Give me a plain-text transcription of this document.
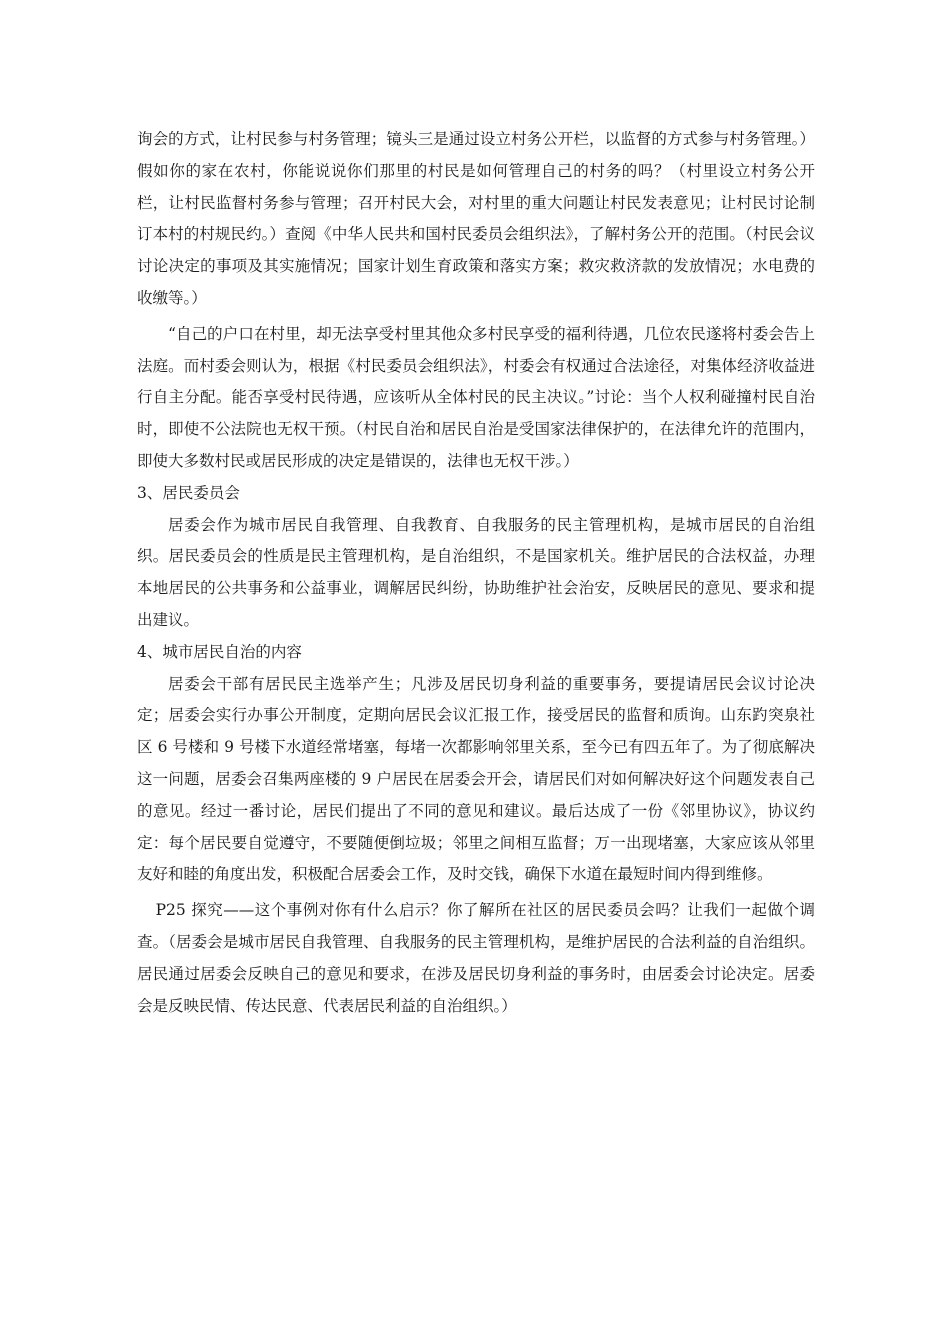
询会的方式，让村民参与村务管理；镜头三是通过设立村务公开栏，以监督的方式参与村务管理。）假如你的家在农村，你能说说你们那里的村民是如何管理自己的村务的吗？（村里设立村务公开栏，让村民监督村务参与管理；召开村民大会，对村里的重大问题让村民发表意见；让村民讨论制订本村的村规民约。）查阅《中华人民共和国村民委员会组织法》，了解村务公开的范围。（村民会议讨论决定的事项及其实施情况；国家计划生育政策和落实方案；救灾救济款的发放情况；水电费的收缴等。）

“自己的户口在村里，却无法享受村里其他众多村民享受的福利待遇，几位农民遂将村委会告上法庭。而村委会则认为，根据《村民委员会组织法》，村委会有权通过合法途径，对集体经济收益进行自主分配。能否享受村民待遇，应该听从全体村民的民主决议。”讨论：当个人权利碰撞村民自治时，即使不公法院也无权干预。（村民自治和居民自治是受国家法律保护的，在法律允许的范围内，即使大多数村民或居民形成的决定是错误的，法律也无权干涉。）

3、居民委员会

居委会作为城市居民自我管理、自我教育、自我服务的民主管理机构，是城市居民的自治组织。居民委员会的性质是民主管理机构，是自治组织，不是国家机关。维护居民的合法权益，办理本地居民的公共事务和公益事业，调解居民纠纷，协助维护社会治安，反映居民的意见、要求和提出建议。

4、城市居民自治的内容

居委会干部有居民民主选举产生；凡涉及居民切身利益的重要事务，要提请居民会议讨论决定；居委会实行办事公开制度，定期向居民会议汇报工作，接受居民的监督和质询。山东趵突泉社区 6 号楼和 9 号楼下水道经常堵塞，每堵一次都影响邻里关系，至今已有四五年了。为了彻底解决这一问题，居委会召集两座楼的 9 户居民在居委会开会，请居民们对如何解决好这个问题发表自己的意见。经过一番讨论，居民们提出了不同的意见和建议。最后达成了一份《邻里协议》，协议约定：每个居民要自觉遵守，不要随便倒垃圾；邻里之间相互监督；万一出现堵塞，大家应该从邻里友好和睦的角度出发，积极配合居委会工作，及时交钱，确保下水道在最短时间内得到维修。

P25 探究——这个事例对你有什么启示？你了解所在社区的居民委员会吗？让我们一起做个调查。（居委会是城市居民自我管理、自我服务的民主管理机构，是维护居民的合法利益的自治组织。居民通过居委会反映自己的意见和要求，在涉及居民切身利益的事务时，由居委会讨论决定。居委会是反映民情、传达民意、代表居民利益的自治组织。）
